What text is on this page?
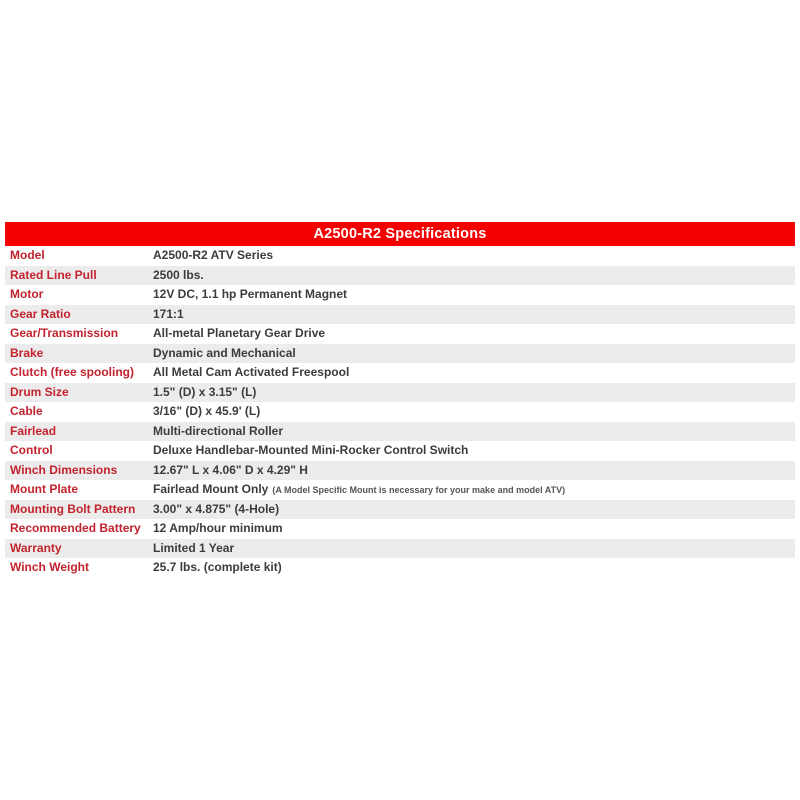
A2500-R2 Specifications
Model	A2500-R2 ATV Series
Rated Line Pull	2500 lbs.
Motor	12V DC, 1.1 hp Permanent Magnet
Gear Ratio	171:1
Gear/Transmission	All-metal Planetary Gear Drive
Brake	Dynamic and Mechanical
Clutch (free spooling)	All Metal Cam Activated Freespool
Drum Size	1.5" (D) x 3.15" (L)
Cable	3/16" (D) x 45.9' (L)
Fairlead	Multi-directional Roller
Control	Deluxe Handlebar-Mounted Mini-Rocker Control Switch
Winch Dimensions	12.67" L x 4.06" D x 4.29" H
Mount Plate	Fairlead Mount Only (A Model Specific Mount is necessary for your make and model ATV)
Mounting Bolt Pattern	3.00" x 4.875" (4-Hole)
Recommended Battery	12 Amp/hour minimum
Warranty	Limited 1 Year
Winch Weight	25.7 lbs. (complete kit)
